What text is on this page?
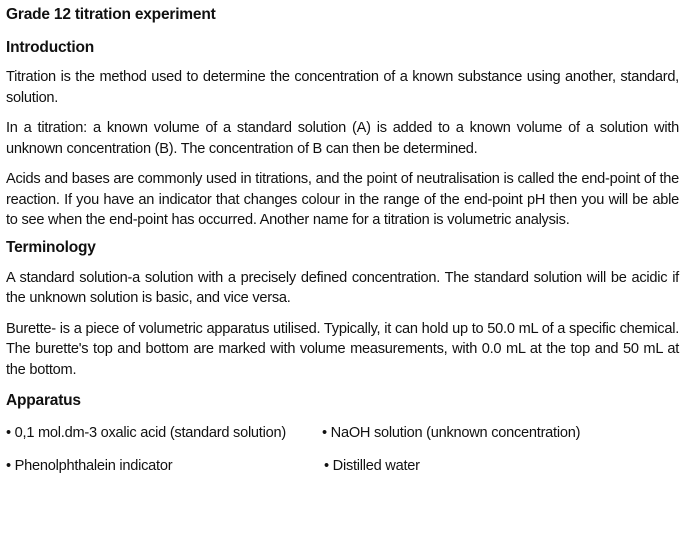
Grade 12 titration experiment
Introduction

Titration is the method used to determine the concentration of a known substance using another, standard, solution.

In a titration: a known volume of a standard solution (A) is added to a known volume of a solution with unknown concentration (B). The concentration of B can then be determined.

Acids and bases are commonly used in titrations, and the point of neutralisation is called the end-point of the reaction. If you have an indicator that changes colour in the range of the end-point pH then you will be able to see when the end-point has occurred. Another name for a titration is volumetric analysis.

Terminology

A standard solution-a solution with a precisely defined concentration. The standard solution will be acidic if the unknown solution is basic, and vice versa.

Burette- is a piece of volumetric apparatus utilised. Typically, it can hold up to 50.0 mL of a specific chemical. The burette's top and bottom are marked with volume measurements, with 0.0 mL at the top and 50 mL at the bottom.

Apparatus
• 0,1 mol.dm-3 oxalic acid (standard solution) • NaOH solution (unknown concentration)
• Phenolphthalein indicator	• Distilled water
